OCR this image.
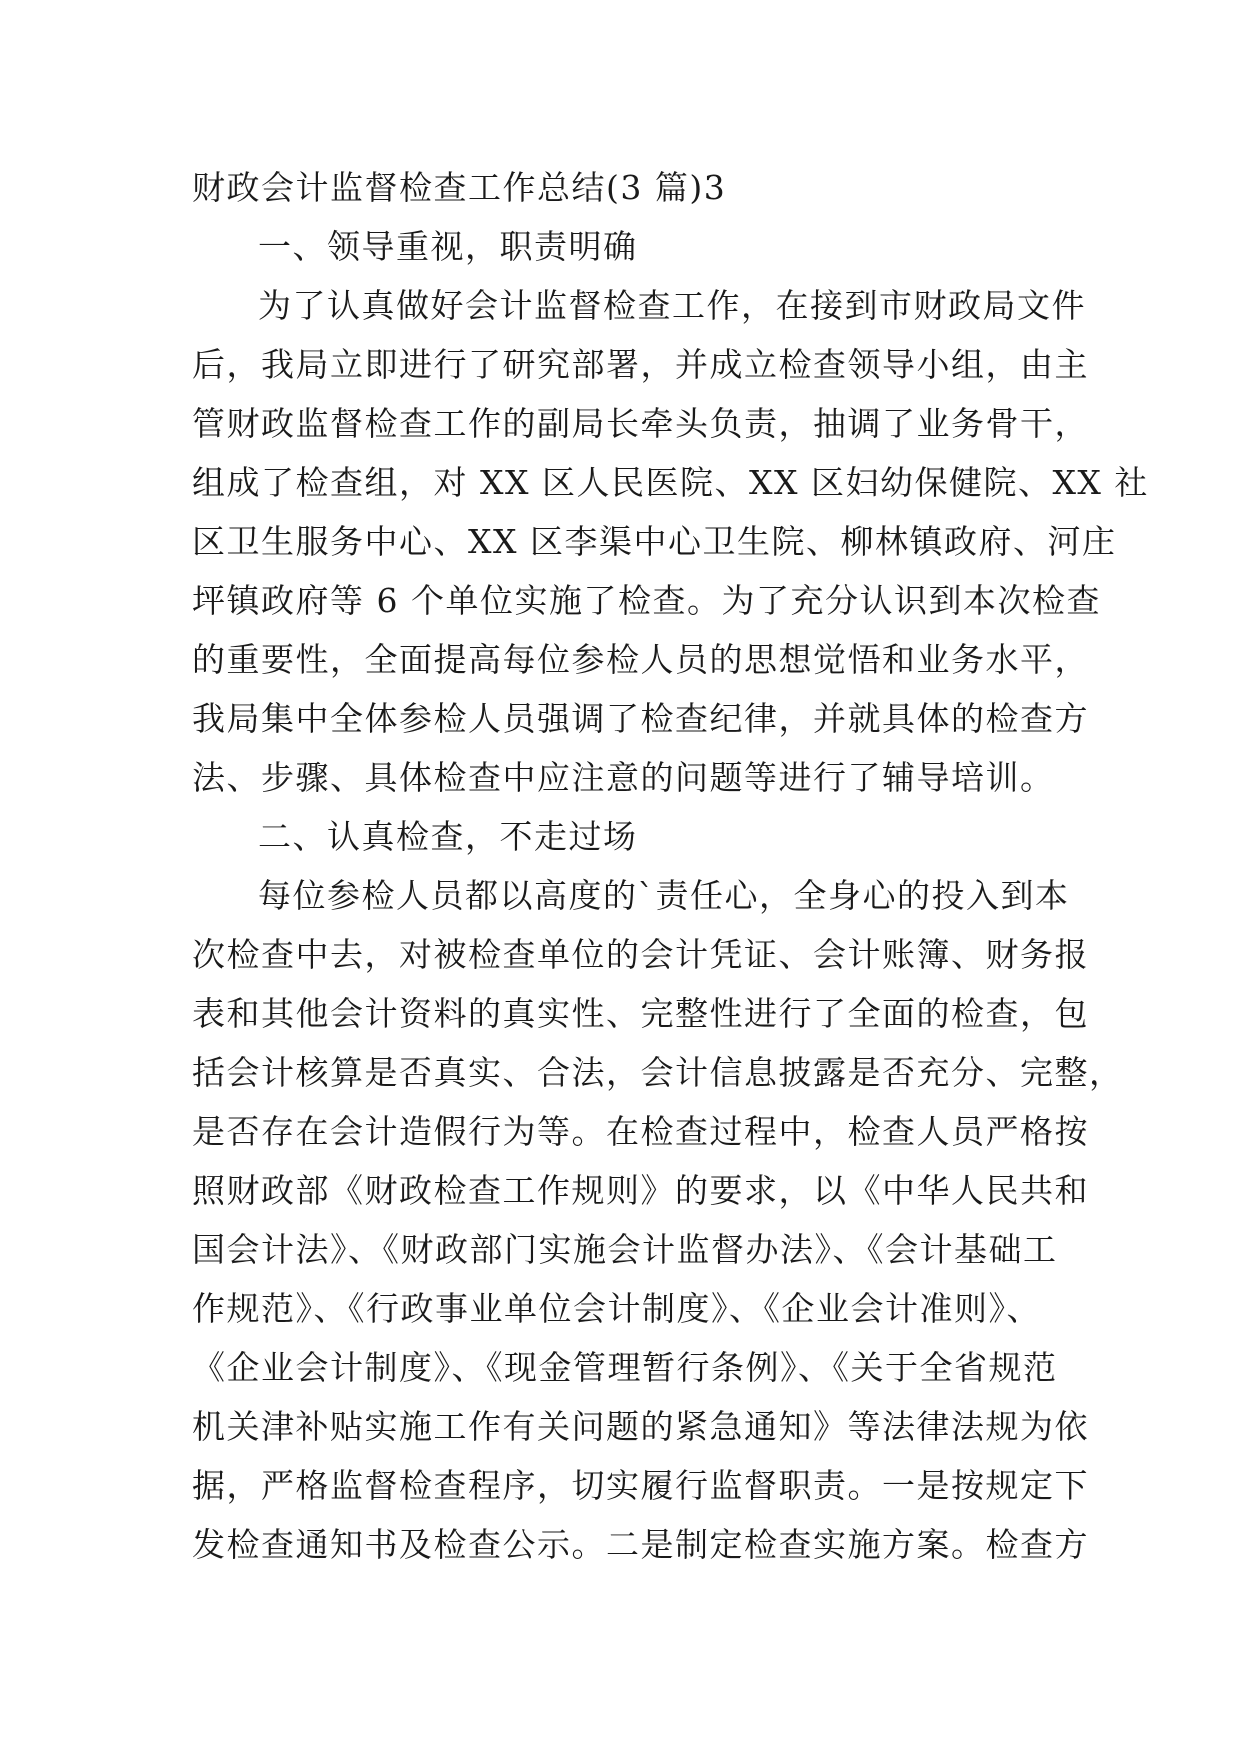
财政会计监督检查工作总结(3 篇)3
一、领导重视，职责明确
为了认真做好会计监督检查工作，在接到市财政局文件
后，我局立即进行了研究部署，并成立检查领导小组，由主
管财政监督检查工作的副局长牵头负责，抽调了业务骨干，
组成了检查组，对 XX 区人民医院、XX 区妇幼保健院、XX 社
区卫生服务中心、XX 区李渠中心卫生院、柳林镇政府、河庄
坪镇政府等 6 个单位实施了检查。为了充分认识到本次检查
的重要性，全面提高每位参检人员的思想觉悟和业务水平，
我局集中全体参检人员强调了检查纪律，并就具体的检查方
法、步骤、具体检查中应注意的问题等进行了辅导培训。
二、认真检查，不走过场
每位参检人员都以高度的`责任心，全身心的投入到本
次检查中去，对被检查单位的会计凭证、会计账簿、财务报
表和其他会计资料的真实性、完整性进行了全面的检查，包
括会计核算是否真实、合法，会计信息披露是否充分、完整，
是否存在会计造假行为等。在检查过程中，检查人员严格按
照财政部《财政检查工作规则》的要求，以《中华人民共和
国会计法》、《财政部门实施会计监督办法》、《会计基础工
作规范》、《行政事业单位会计制度》、《企业会计准则》、
《企业会计制度》、《现金管理暂行条例》、《关于全省规范
机关津补贴实施工作有关问题的紧急通知》等法律法规为依
据，严格监督检查程序，切实履行监督职责。一是按规定下
发检查通知书及检查公示。二是制定检查实施方案。检查方
